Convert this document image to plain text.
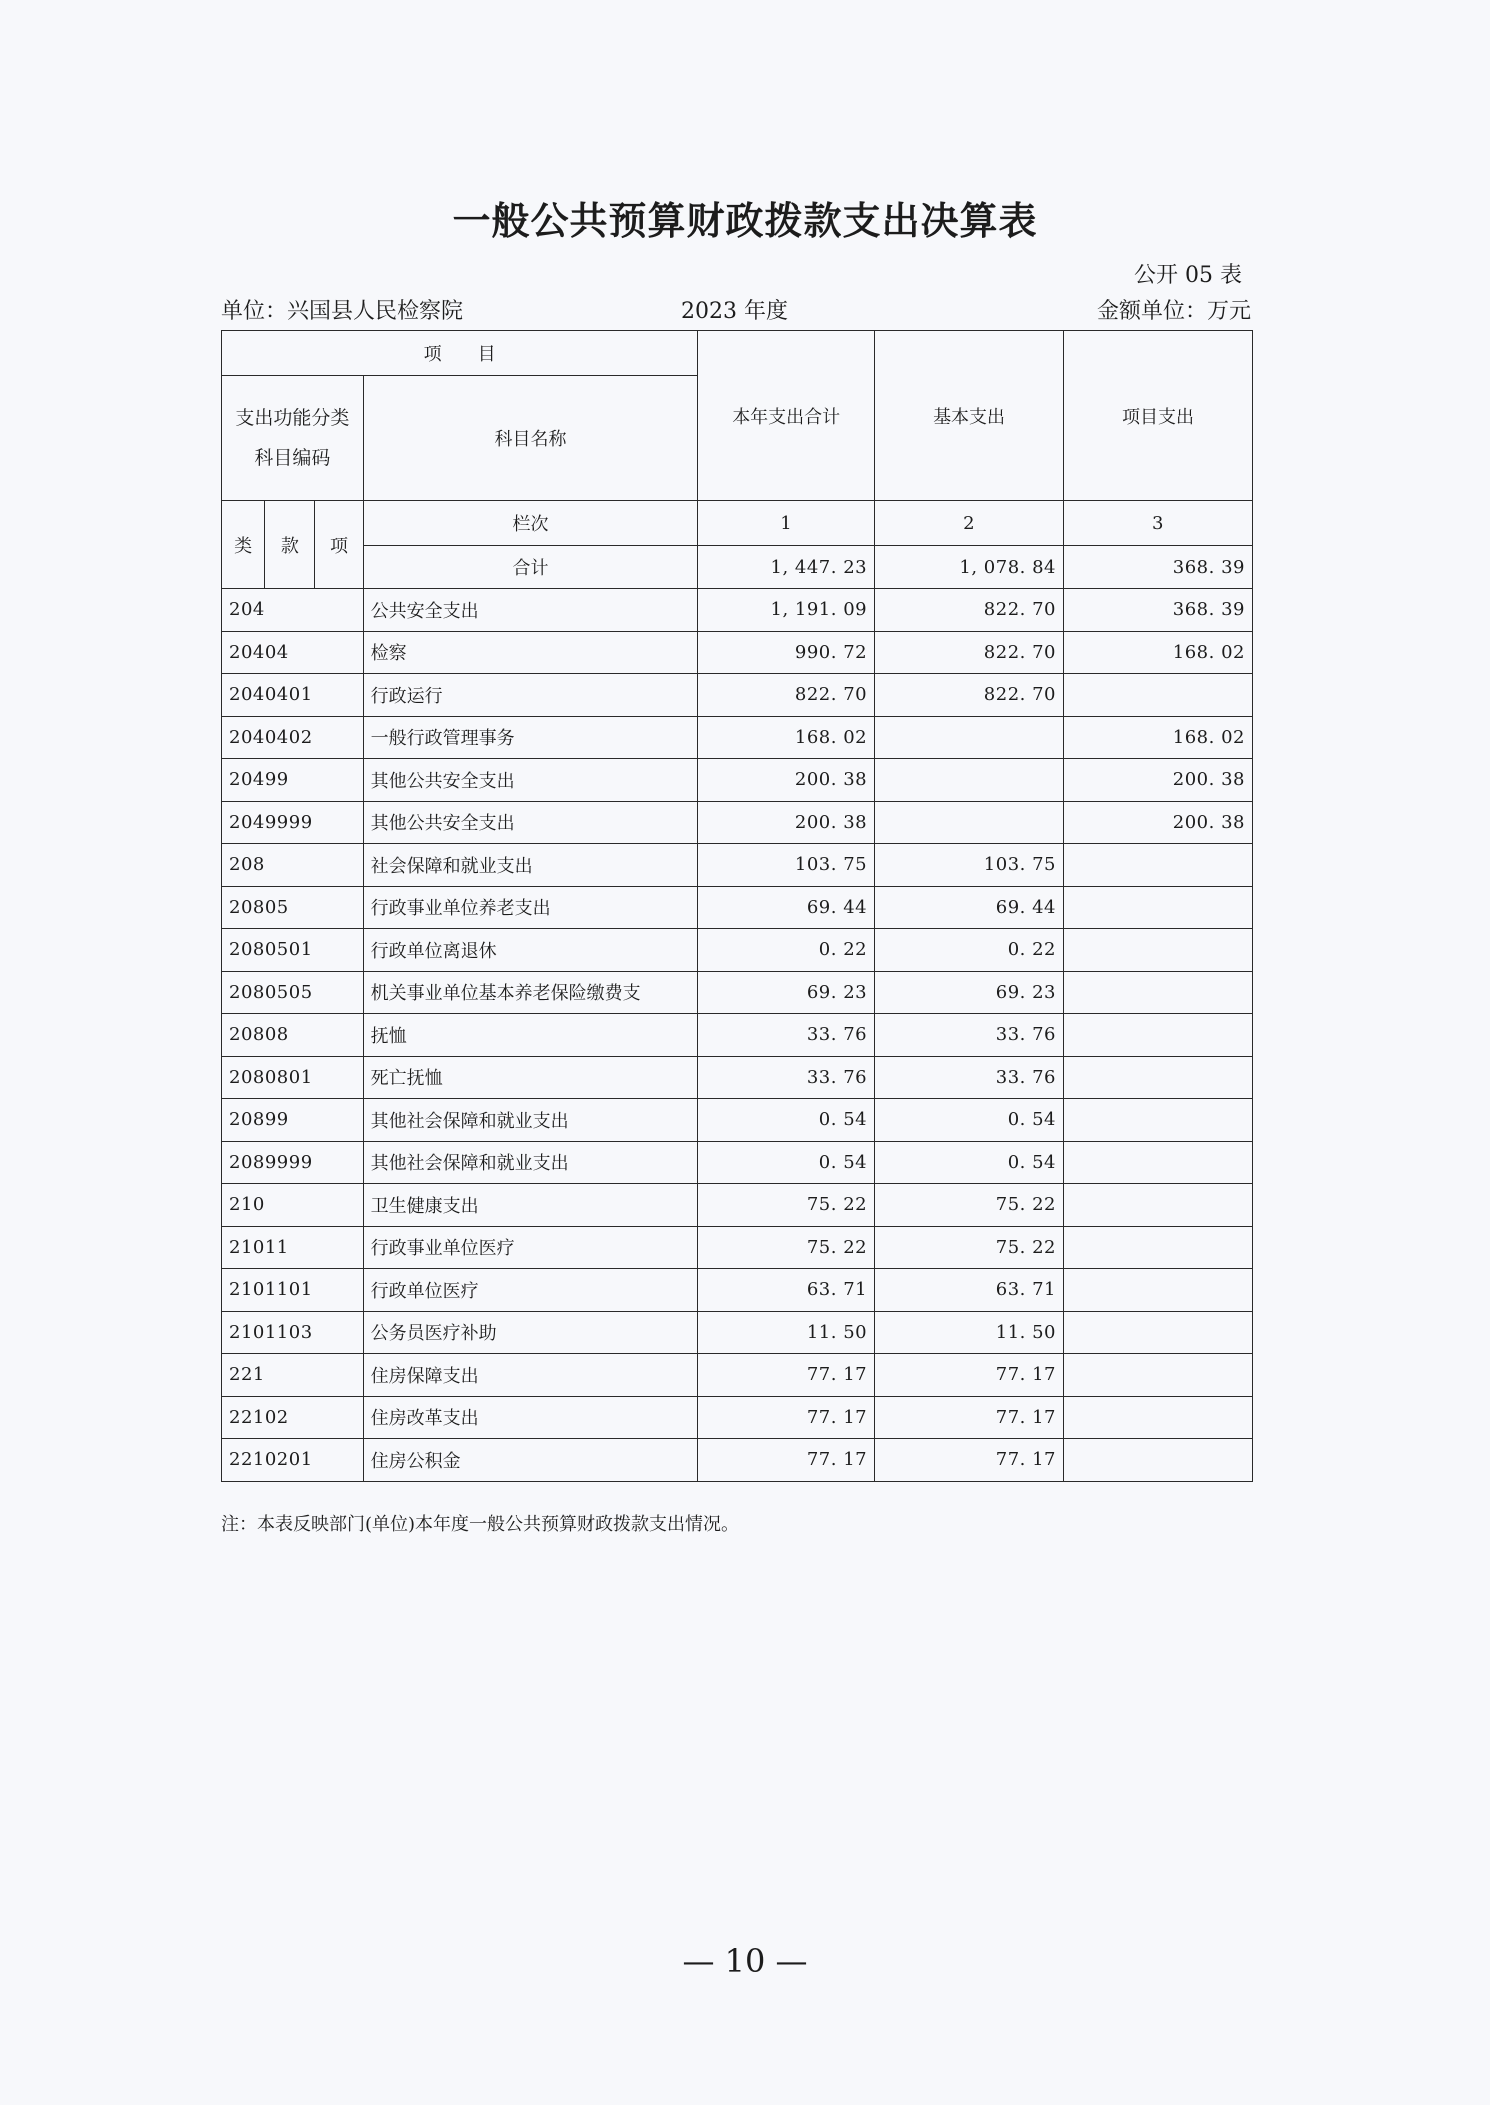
一般公共预算财政拨款支出决算表
公开 05 表
单位：兴国县人民检察院	2023 年度	金额单位：万元
项　　目				本年支出合计	基本支出	项目支出
支出功能分类
科目编码			科目名称			
类	款	项	栏次	1	2	3
			合计	1, 447. 23	1, 078. 84	368. 39
204			公共安全支出	1, 191. 09	822. 70	368. 39
20404			检察	990. 72	822. 70	168. 02
2040401			行政运行	822. 70	822. 70	
2040402			一般行政管理事务	168. 02		168. 02
20499			其他公共安全支出	200. 38		200. 38
2049999			其他公共安全支出	200. 38		200. 38
208			社会保障和就业支出	103. 75	103. 75	
20805			行政事业单位养老支出	69. 44	69. 44	
2080501			行政单位离退休	0. 22	0. 22	
2080505			机关事业单位基本养老保险缴费支	69. 23	69. 23	
20808			抚恤	33. 76	33. 76	
2080801			死亡抚恤	33. 76	33. 76	
20899			其他社会保障和就业支出	0. 54	0. 54	
2089999			其他社会保障和就业支出	0. 54	0. 54	
210			卫生健康支出	75. 22	75. 22	
21011			行政事业单位医疗	75. 22	75. 22	
2101101			行政单位医疗	63. 71	63. 71	
2101103			公务员医疗补助	11. 50	11. 50	
221			住房保障支出	77. 17	77. 17	
22102			住房改革支出	77. 17	77. 17	
2210201			住房公积金	77. 17	77. 17	
注：本表反映部门(单位)本年度一般公共预算财政拨款支出情况。
— 10 —
